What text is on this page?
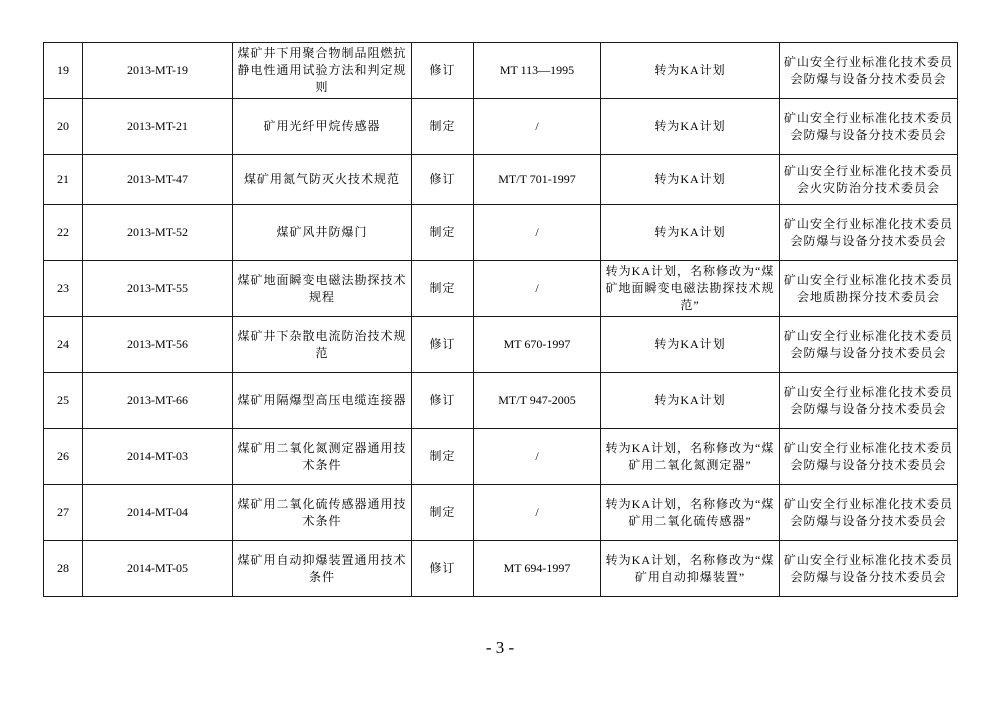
19	2013-MT-19	煤矿井下用聚合物制品阻燃抗静电性通用试验方法和判定规则	修订	MT 113—1995	转为KA计划	矿山安全行业标准化技术委员会防爆与设备分技术委员会
20	2013-MT-21	矿用光纤甲烷传感器	制定	/	转为KA计划	矿山安全行业标准化技术委员会防爆与设备分技术委员会
21	2013-MT-47	煤矿用氮气防灭火技术规范	修订	MT/T 701-1997	转为KA计划	矿山安全行业标准化技术委员会火灾防治分技术委员会
22	2013-MT-52	煤矿风井防爆门	制定	/	转为KA计划	矿山安全行业标准化技术委员会防爆与设备分技术委员会
23	2013-MT-55	煤矿地面瞬变电磁法勘探技术规程	制定	/	转为KA计划，名称修改为“煤矿地面瞬变电磁法勘探技术规范”	矿山安全行业标准化技术委员会地质勘探分技术委员会
24	2013-MT-56	煤矿井下杂散电流防治技术规范	修订	MT 670-1997	转为KA计划	矿山安全行业标准化技术委员会防爆与设备分技术委员会
25	2013-MT-66	煤矿用隔爆型高压电缆连接器	修订	MT/T 947-2005	转为KA计划	矿山安全行业标准化技术委员会防爆与设备分技术委员会
26	2014-MT-03	煤矿用二氧化氮测定器通用技术条件	制定	/	转为KA计划，名称修改为“煤矿用二氧化氮测定器”	矿山安全行业标准化技术委员会防爆与设备分技术委员会
27	2014-MT-04	煤矿用二氧化硫传感器通用技术条件	制定	/	转为KA计划，名称修改为“煤矿用二氧化硫传感器”	矿山安全行业标准化技术委员会防爆与设备分技术委员会
28	2014-MT-05	煤矿用自动抑爆装置通用技术条件	修订	MT 694-1997	转为KA计划，名称修改为“煤矿用自动抑爆装置”	矿山安全行业标准化技术委员会防爆与设备分技术委员会
- 3 -
